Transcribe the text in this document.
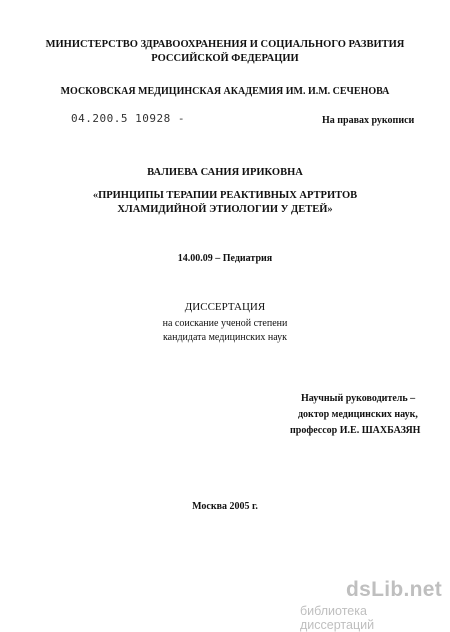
МИНИСТЕРСТВО ЗДРАВООХРАНЕНИЯ И СОЦИАЛЬНОГО РАЗВИТИЯ
РОССИЙСКОЙ ФЕДЕРАЦИИ
МОСКОВСКАЯ МЕДИЦИНСКАЯ АКАДЕМИЯ ИМ. И.М. СЕЧЕНОВА
04.200.5 10928 -	На правах рукописи
ВАЛИЕВА САНИЯ ИРИКОВНА
«ПРИНЦИПЫ ТЕРАПИИ РЕАКТИВНЫХ АРТРИТОВ
ХЛАМИДИЙНОЙ ЭТИОЛОГИИ У ДЕТЕЙ»
14.00.09 – Педиатрия
ДИССЕРТАЦИЯ
на соискание ученой степени
кандидата медицинских наук
Научный руководитель –
доктор медицинских наук,
профессор И.Е. ШАХБАЗЯН
Москва 2005 г.
dsLib.net
библиотека диссертаций
